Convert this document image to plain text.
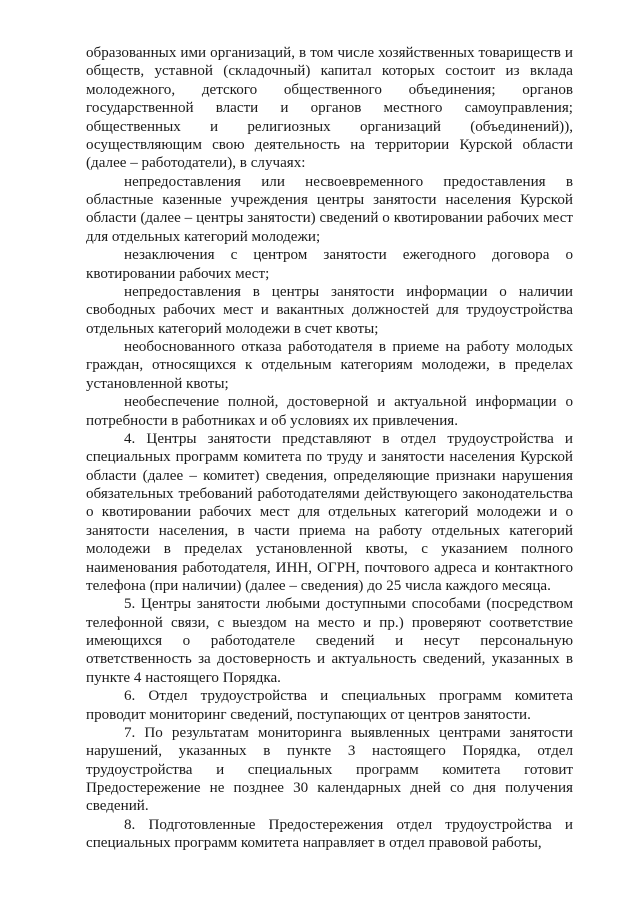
образованных ими организаций, в том числе хозяйственных товариществ и обществ, уставной (складочный) капитал которых состоит из вклада молодежного, детского общественного объединения; органов государственной власти и органов местного самоуправления; общественных и религиозных организаций (объединений)), осуществляющим свою деятельность на территории Курской области (далее – работодатели), в случаях:

непредоставления или несвоевременного предоставления в областные казенные учреждения центры занятости населения Курской области (далее – центры занятости) сведений о квотировании рабочих мест для отдельных категорий молодежи;

незаключения с центром занятости ежегодного договора о квотировании рабочих мест;

непредоставления в центры занятости информации о наличии свободных рабочих мест и вакантных должностей для трудоустройства отдельных категорий молодежи в счет квоты;

необоснованного отказа работодателя в приеме на работу молодых граждан, относящихся к отдельным категориям молодежи, в пределах установленной квоты;

необеспечение полной, достоверной и актуальной информации о потребности в работниках и об условиях их привлечения.

4. Центры занятости представляют в отдел трудоустройства и специальных программ комитета по труду и занятости населения Курской области (далее – комитет) сведения, определяющие признаки нарушения обязательных требований работодателями действующего законодательства о квотировании рабочих мест для отдельных категорий молодежи и о занятости населения, в части приема на работу отдельных категорий молодежи в пределах установленной квоты, с указанием полного наименования работодателя, ИНН, ОГРН, почтового адреса и контактного телефона (при наличии) (далее – сведения) до 25 числа каждого месяца.

5. Центры занятости любыми доступными способами (посредством телефонной связи, с выездом на место и пр.) проверяют соответствие имеющихся о работодателе сведений и несут персональную ответственность за достоверность и актуальность сведений, указанных в пункте 4 настоящего Порядка.

6. Отдел трудоустройства и специальных программ комитета проводит мониторинг сведений, поступающих от центров занятости.

7. По результатам мониторинга выявленных центрами занятости нарушений, указанных в пункте 3 настоящего Порядка, отдел трудоустройства и специальных программ комитета готовит Предостережение не позднее 30 календарных дней со дня получения сведений.

8. Подготовленные Предостережения отдел трудоустройства и специальных программ комитета направляет в отдел правовой работы,
